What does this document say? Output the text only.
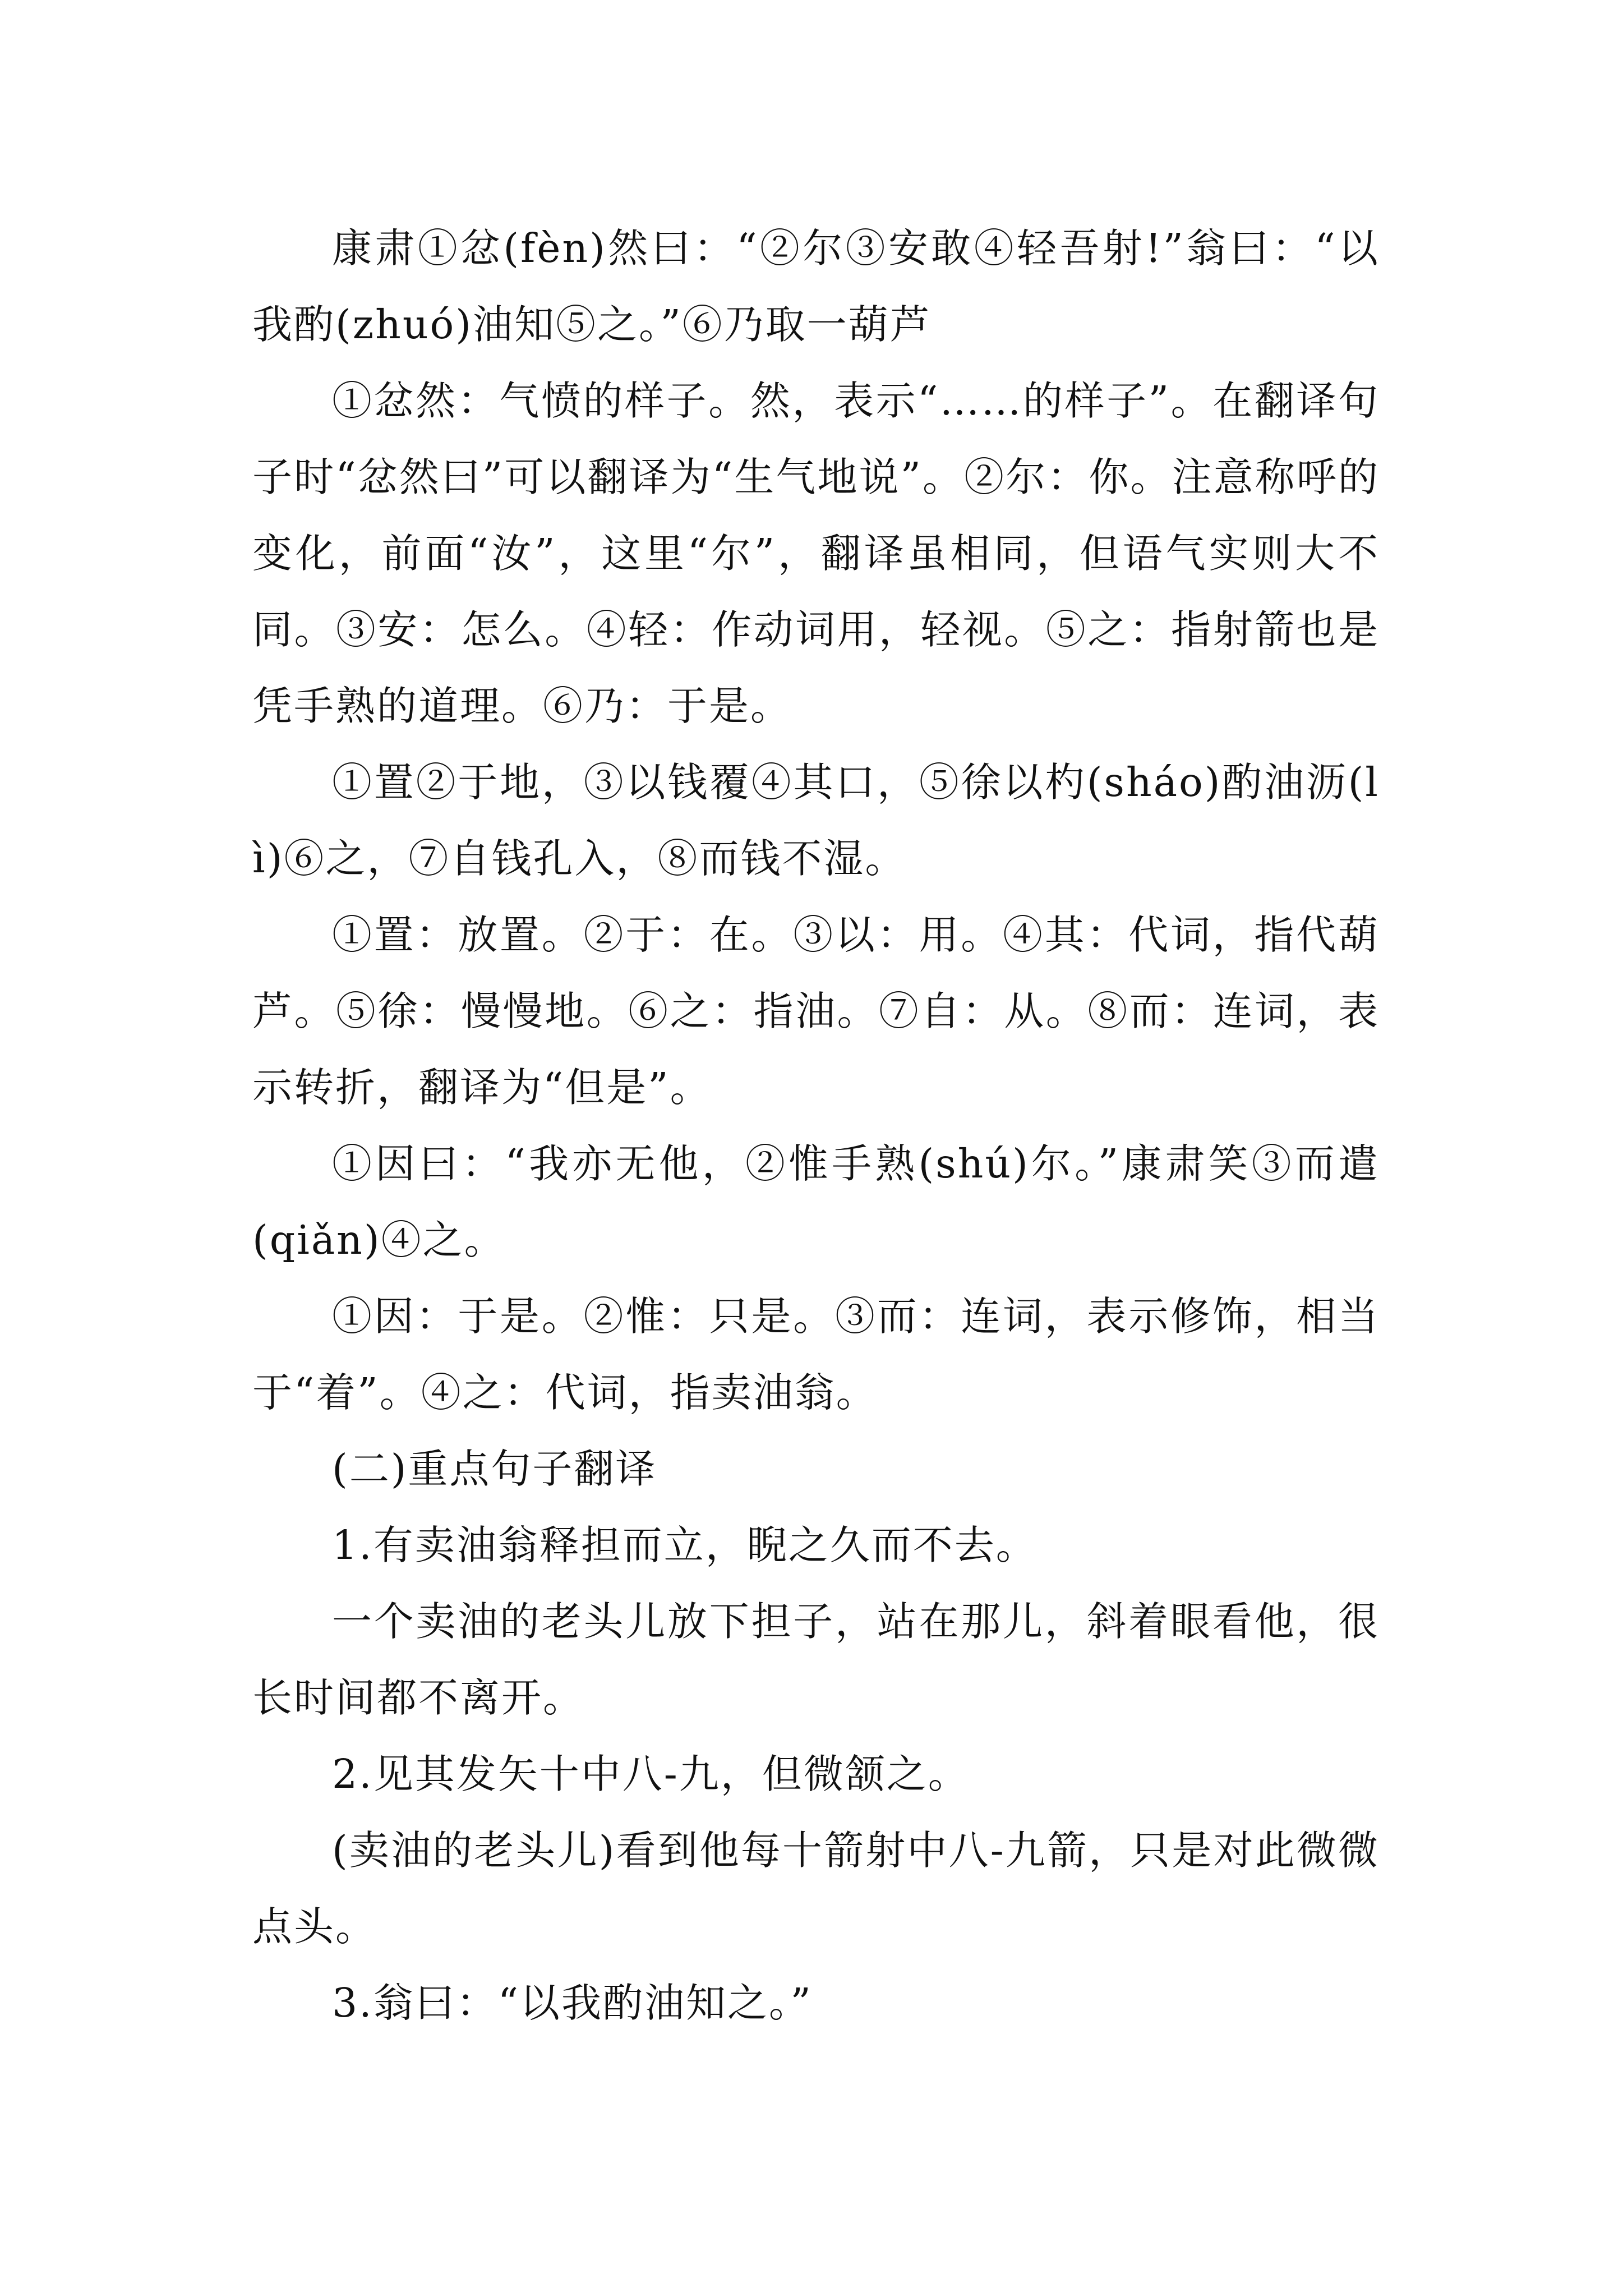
康肃①忿(fèn)然曰：“②尔③安敢④轻吾射!”翁曰：“以我酌(zhuó)油知⑤之。”⑥乃取一葫芦

①忿然：气愤的样子。然，表示“……的样子”。在翻译句子时“忿然曰”可以翻译为“生气地说”。②尔：你。注意称呼的变化，前面“汝”，这里“尔”，翻译虽相同，但语气实则大不同。③安：怎么。④轻：作动词用，轻视。⑤之：指射箭也是凭手熟的道理。⑥乃：于是。

①置②于地，③以钱覆④其口，⑤徐以杓(sháo)酌油沥(lì)⑥之，⑦自钱孔入，⑧而钱不湿。

①置：放置。②于：在。③以：用。④其：代词，指代葫芦。⑤徐：慢慢地。⑥之：指油。⑦自：从。⑧而：连词，表示转折，翻译为“但是”。

①因曰：“我亦无他，②惟手熟(shú)尔。”康肃笑③而遣(qiǎn)④之。

①因：于是。②惟：只是。③而：连词，表示修饰，相当于“着”。④之：代词，指卖油翁。

(二)重点句子翻译

1.有卖油翁释担而立，睨之久而不去。

一个卖油的老头儿放下担子，站在那儿，斜着眼看他，很长时间都不离开。

2.见其发矢十中八-九，但微颔之。

(卖油的老头儿)看到他每十箭射中八-九箭，只是对此微微点头。

3.翁曰：“以我酌油知之。”
